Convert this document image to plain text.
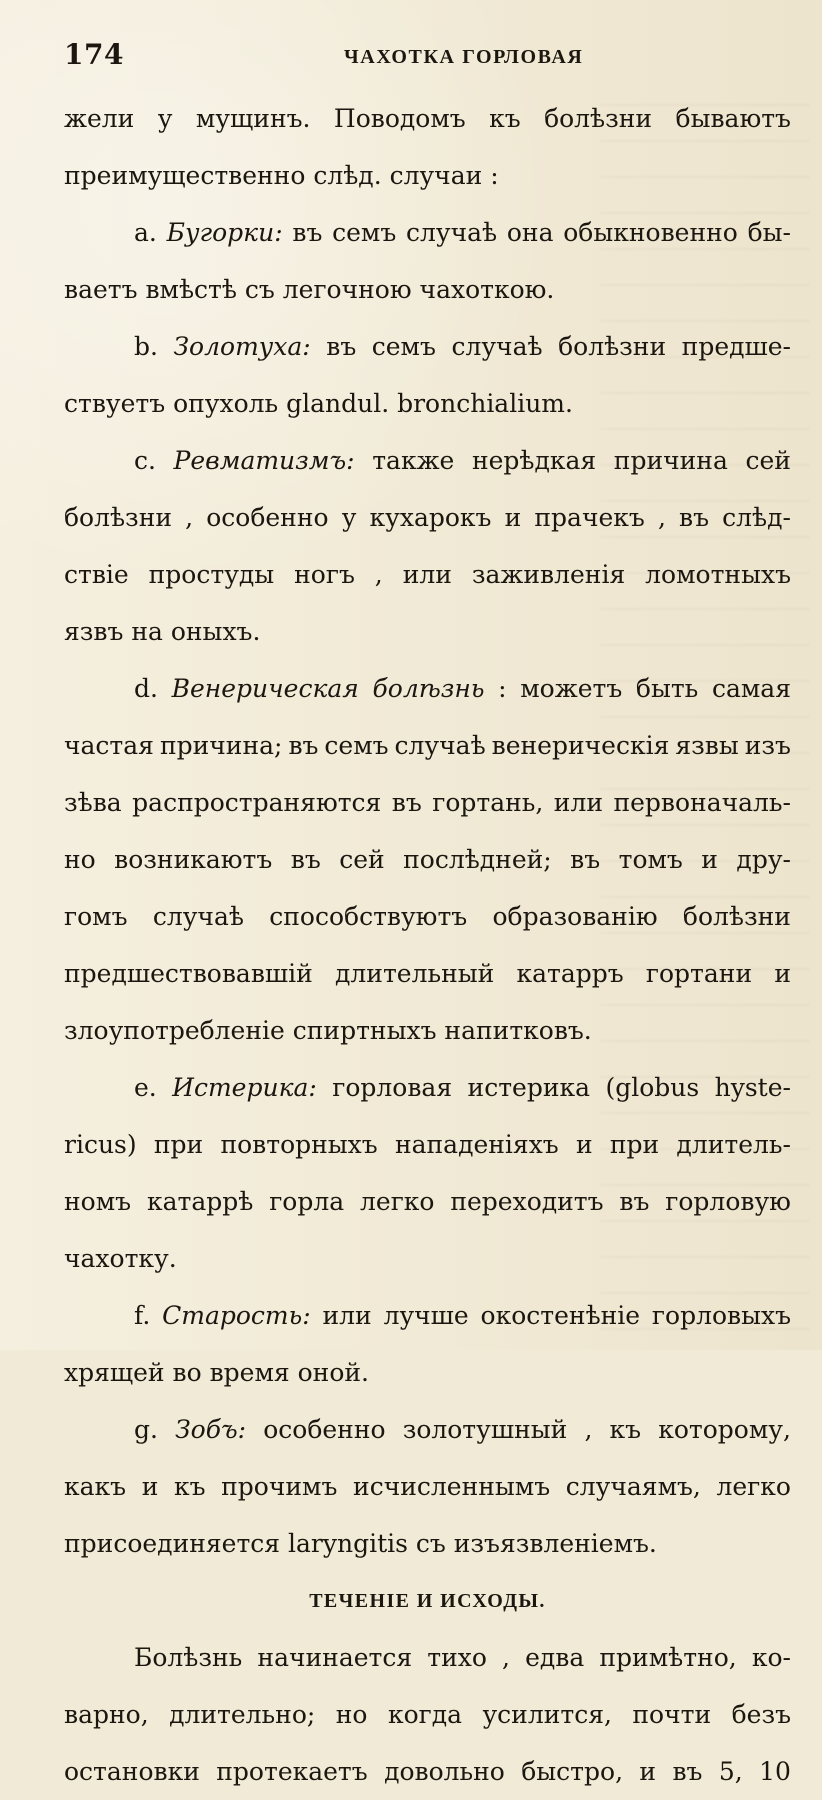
174	ЧАХОТКА ГОРЛОВАЯ
жели у мущинъ. Поводомъ къ болѣзни бываютъ
преимущественно слѣд. случаи :
a. Бугорки: въ семъ случаѣ она обыкновенно бы-
ваетъ вмѣстѣ съ легочною чахоткою.
b. Золотуха: въ семъ случаѣ болѣзни предше-
ствуетъ опухоль glandul. bronchialium.
c. Ревматизмъ: также нерѣдкая причина сей
болѣзни , особенно у кухарокъ и прачекъ , въ слѣд-
ствіе простуды ногъ , или заживленія ломотныхъ
язвъ на оныхъ.
d. Венерическая болѣзнь : можетъ быть самая
частая причина; въ семъ случаѣ венерическія язвы изъ
зѣва распространяются въ гортань, или первоначаль-
но возникаютъ въ сей послѣдней; въ томъ и дру-
гомъ случаѣ способствуютъ образованію болѣзни
предшествовавшій длительный катарръ гортани и
злоупотребленіе спиртныхъ напитковъ.
e. Истерика: горловая истерика (globus hyste-
ricus) при повторныхъ нападеніяхъ и при длитель-
номъ катаррѣ горла легко переходитъ въ горловую
чахотку.
f. Старость: или лучше окостенѣніе горловыхъ
хрящей во время оной.
g. Зобъ: особенно золотушный , къ которому,
какъ и къ прочимъ исчисленнымъ случаямъ, легко
присоединяется laryngitis съ изъязвленіемъ.
ТЕЧЕНІЕ И ИСХОДЫ.
Болѣзнь начинается тихо , едва примѣтно, ко-
варно, длительно; но когда усилится, почти безъ
остановки протекаетъ довольно быстро, и въ 5, 10
